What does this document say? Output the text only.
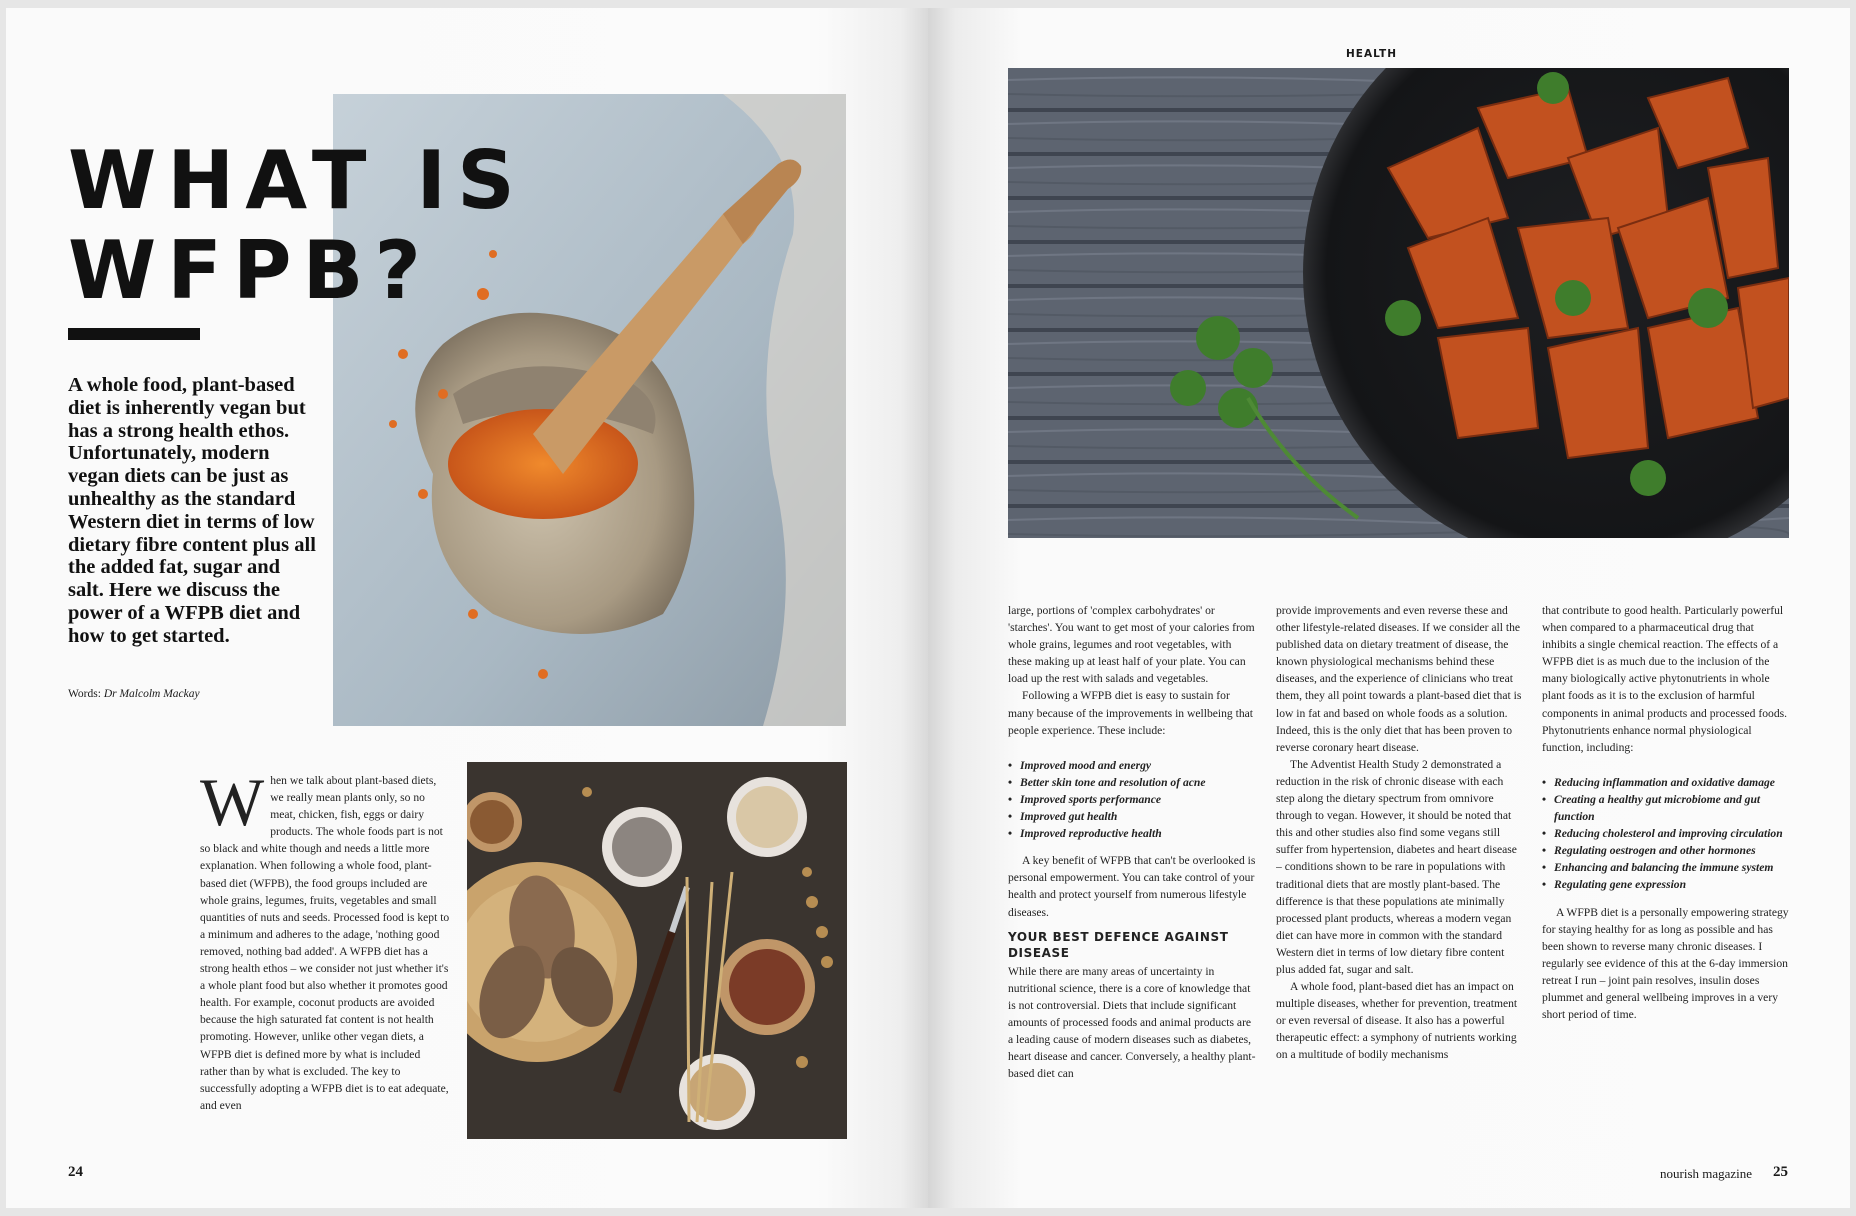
WHAT IS
WFPB?
A whole food, plant-based diet is inherently vegan but has a strong health ethos. Unfortunately, modern vegan diets can be just as unhealthy as the standard Western diet in terms of low dietary fibre content plus all the added fat, sugar and salt. Here we discuss the power of a WFPB diet and how to get started.
Words: Dr Malcolm Mackay
W hen we talk about plant-based diets, we really mean plants only, so no meat, chicken, fish, eggs or dairy products. The whole foods part is not so black and white though and needs a little more explanation. When following a whole food, plant-based diet (WFPB), the food groups included are whole grains, legumes, fruits, vegetables and small quantities of nuts and seeds. Processed food is kept to a minimum and adheres to the adage, 'nothing good removed, nothing bad added'. A WFPB diet has a strong health ethos – we consider not just whether it's a whole plant food but also whether it promotes good health. For example, coconut products are avoided because the high saturated fat content is not health promoting. However, unlike other vegan diets, a WFPB diet is defined more by what is included rather than by what is excluded. The key to successfully adopting a WFPB diet is to eat adequate, and even
24
HEALTH

large, portions of 'complex carbohydrates' or 'starches'. You want to get most of your calories from whole grains, legumes and root vegetables, with these making up at least half of your plate. You can load up the rest with salads and vegetables.

Following a WFPB diet is easy to sustain for many because of the improvements in wellbeing that people experience. These include:

• Improved mood and energy
• Better skin tone and resolution of acne
• Improved sports performance
• Improved gut health
• Improved reproductive health

A key benefit of WFPB that can't be overlooked is personal empowerment. You can take control of your health and protect yourself from numerous lifestyle diseases.

YOUR BEST DEFENCE AGAINST DISEASE

While there are many areas of uncertainty in nutritional science, there is a core of knowledge that is not controversial. Diets that include significant amounts of processed foods and animal products are a leading cause of modern diseases such as diabetes, heart disease and cancer. Conversely, a healthy plant-based diet can

provide improvements and even reverse these and other lifestyle-related diseases. If we consider all the published data on dietary treatment of disease, the known physiological mechanisms behind these diseases, and the experience of clinicians who treat them, they all point towards a plant-based diet that is low in fat and based on whole foods as a solution. Indeed, this is the only diet that has been proven to reverse coronary heart disease.

The Adventist Health Study 2 demonstrated a reduction in the risk of chronic disease with each step along the dietary spectrum from omnivore through to vegan. However, it should be noted that this and other studies also find some vegans still suffer from hypertension, diabetes and heart disease – conditions shown to be rare in populations with traditional diets that are mostly plant-based. The difference is that these populations ate minimally processed plant products, whereas a modern vegan diet can have more in common with the standard Western diet in terms of low dietary fibre content plus added fat, sugar and salt.

A whole food, plant-based diet has an impact on multiple diseases, whether for prevention, treatment or even reversal of disease. It also has a powerful therapeutic effect: a symphony of nutrients working on a multitude of bodily mechanisms

that contribute to good health. Particularly powerful when compared to a pharmaceutical drug that inhibits a single chemical reaction. The effects of a WFPB diet is as much due to the inclusion of the many biologically active phytonutrients in whole plant foods as it is to the exclusion of harmful components in animal products and processed foods. Phytonutrients enhance normal physiological function, including:

• Reducing inflammation and oxidative damage
• Creating a healthy gut microbiome and gut function
• Reducing cholesterol and improving circulation
• Regulating oestrogen and other hormones
• Enhancing and balancing the immune system
• Regulating gene expression

A WFPB diet is a personally empowering strategy for staying healthy for as long as possible and has been shown to reverse many chronic diseases. I regularly see evidence of this at the 6-day immersion retreat I run – joint pain resolves, insulin doses plummet and general wellbeing improves in a very short period of time.

nourish magazine 25
